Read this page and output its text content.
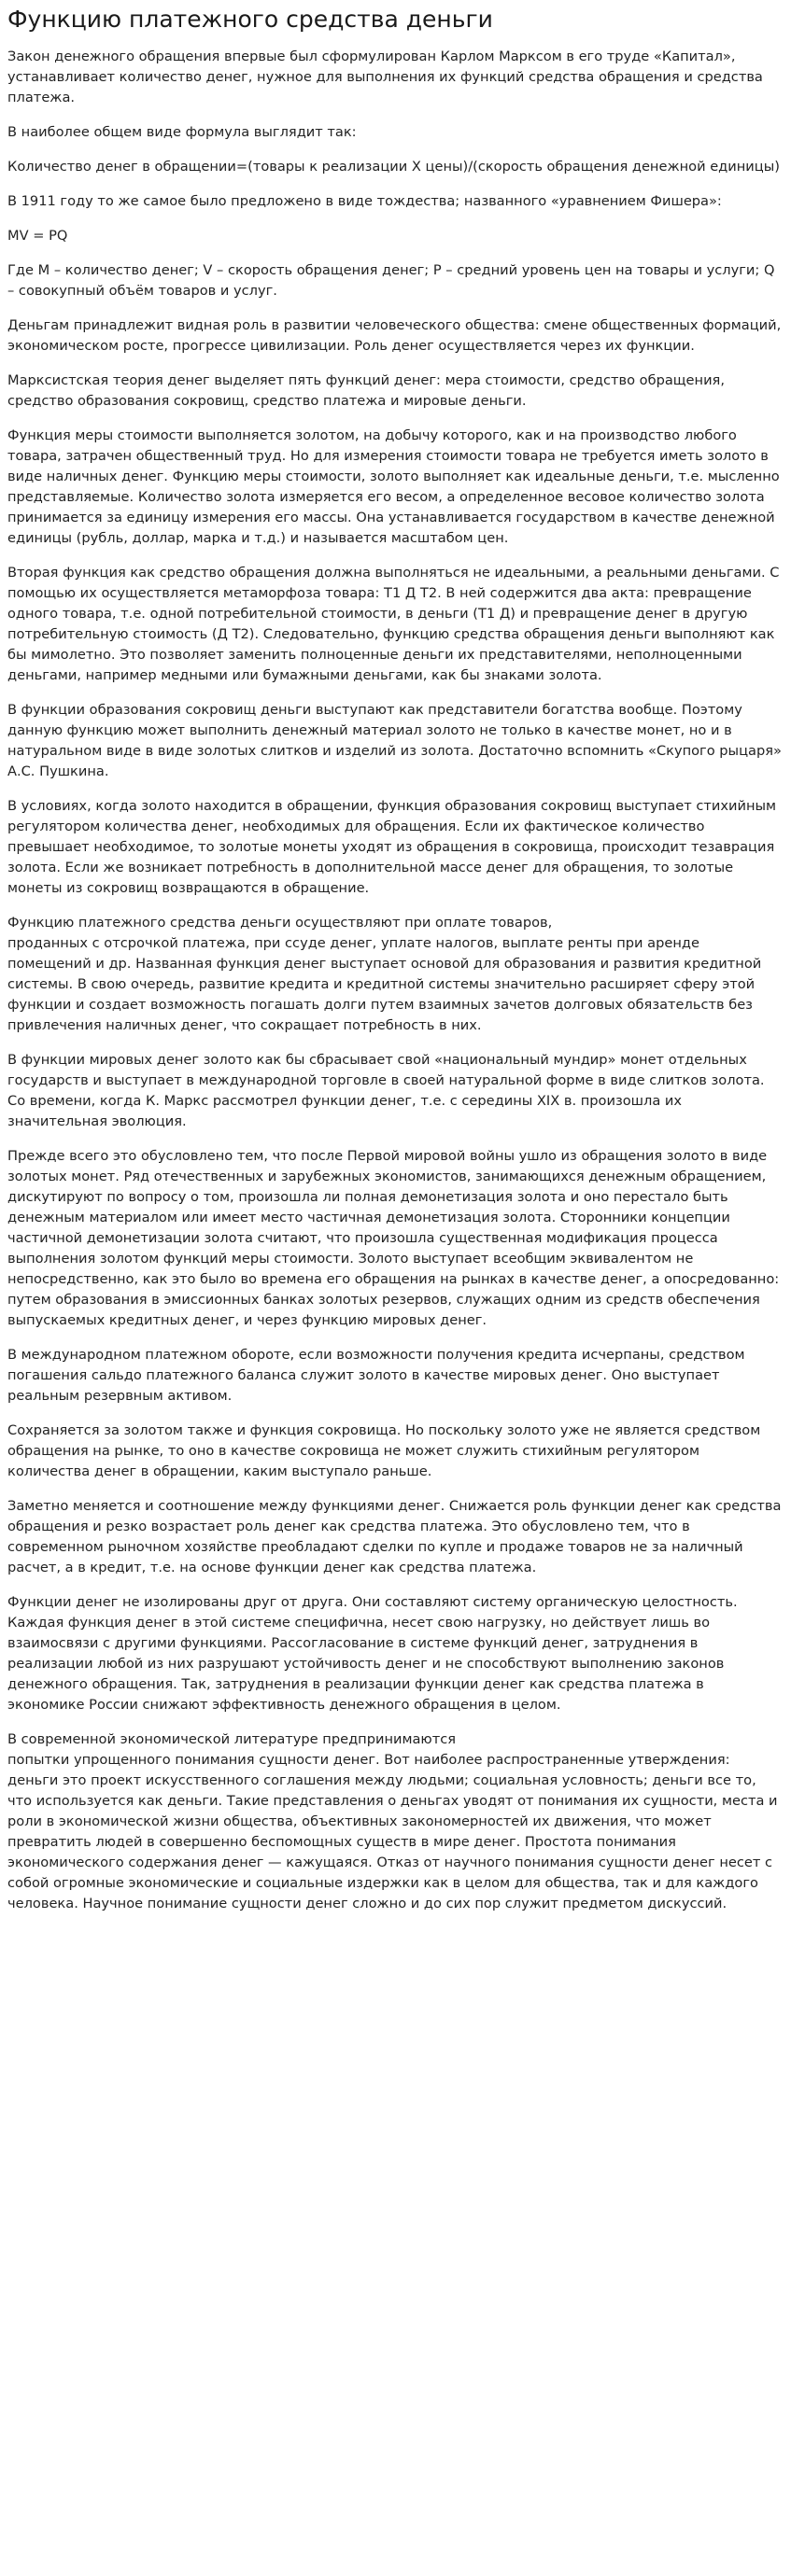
Функцию платежного средства деньги

Закон денежного обращения впервые был сформулирован Карлом Марксом в его труде «Капитал», устанавливает количество денег, нужное для выполнения их функций средства обращения и средства платежа.

В наиболее общем виде формула выглядит так:

Количество денег в обращении=(товары к реализации Х цены)/(скорость обращения денежной единицы)

В 1911 году то же самое было предложено в виде тождества; названного «уравнением Фишера»:

MV = PQ

Где M – количество денег; V – скорость обращения денег; P – средний уровень цен на товары и услуги; Q – совокупный объём товаров и услуг.

Деньгам принадлежит видная роль в развитии человеческого общества: смене общественных формаций, экономическом росте, прогрессе цивилизации. Роль денег осуществляется через их функции.

Марксистская теория денег выделяет пять функций денег: мера стоимости, средство обращения, средство образования сокровищ, средство платежа и мировые деньги.

Функция меры стоимости выполняется золотом, на добычу которого, как и на производство любого товара, затрачен общественный труд. Но для измерения стоимости товара не требуется иметь золото в виде наличных денег. Функцию меры стоимости, золото выполняет как идеальные деньги, т.е. мысленно представляемые. Количество золота измеряется его весом, а определенное весовое количество золота принимается за единицу измерения его массы. Она устанавливается государством в качестве денежной единицы (рубль, доллар, марка и т.д.) и называется масштабом цен.

Вторая функция как средство обращения должна выполняться не идеальными, а реальными деньгами. С помощью их осуществляется метаморфоза товара: Т1 Д Т2. В ней содержится два акта: превращение одного товара, т.е. одной потребительной стоимости, в деньги (Т1 Д) и превращение денег в другую потребительную стоимость (Д Т2). Следовательно, функцию средства обращения деньги выполняют как бы мимолетно. Это позволяет заменить полноценные деньги их представителями, неполноценными деньгами, например медными или бумажными деньгами, как бы знаками золота.

В функции образования сокровищ деньги выступают как представители богатства вообще. Поэтому данную функцию может выполнить денежный материал золото не только в качестве монет, но и в натуральном виде в виде золотых слитков и изделий из золота. Достаточно вспомнить «Скупого рыцаря» А.С. Пушкина.

В условиях, когда золото находится в обращении, функция образования сокровищ выступает стихийным регулятором количества денег, необходимых для обращения. Если их фактическое количество превышает необходимое, то золотые монеты уходят из обращения в сокровища, происходит тезаврация золота. Если же возникает потребность в дополнительной массе денег для обращения, то золотые монеты из сокровищ возвращаются в обращение.

Функцию платежного средства деньги осуществляют при оплате товаров,
проданных с отсрочкой платежа, при ссуде денег, уплате налогов, выплате ренты при аренде помещений и др. Названная функция денег выступает основой для образования и развития кредитной системы. В свою очередь, развитие кредита и кредитной системы значительно расширяет сферу этой функции и создает возможность погашать долги путем взаимных зачетов долговых обязательств без привлечения наличных денег, что сокращает потребность в них.

В функции мировых денег золото как бы сбрасывает свой «национальный мундир» монет отдельных государств и выступает в международной торговле в своей натуральной форме в виде слитков золота. Со времени, когда К. Маркс рассмотрел функции денег, т.е. с середины XIX в. произошла их значительная эволюция.

Прежде всего это обусловлено тем, что после Первой мировой войны ушло из обращения золото в виде золотых монет. Ряд отечественных и зарубежных экономистов, занимающихся денежным обращением, дискутируют по вопросу о том, произошла ли полная демонетизация золота и оно перестало быть денежным материалом или имеет место частичная демонетизация золота. Сторонники концепции частичной демонетизации золота считают, что произошла существенная модификация процесса выполнения золотом функций меры стоимости. Золото выступает всеобщим эквивалентом не непосредственно, как это было во времена его обращения на рынках в качестве денег, а опосредованно: путем образования в эмиссионных банках золотых резервов, служащих одним из средств обеспечения выпускаемых кредитных денег, и через функцию мировых денег.

В международном платежном обороте, если возможности получения кредита исчерпаны, средством погашения сальдо платежного баланса служит золото в качестве мировых денег. Оно выступает реальным резервным активом.

Сохраняется за золотом также и функция сокровища. Но поскольку золото уже не является средством обращения на рынке, то оно в качестве сокровища не может служить стихийным регулятором количества денег в обращении, каким выступало раньше.

Заметно меняется и соотношение между функциями денег. Снижается роль функции денег как средства обращения и резко возрастает роль денег как средства платежа. Это обусловлено тем, что в современном рыночном хозяйстве преобладают сделки по купле и продаже товаров не за наличный расчет, а в кредит, т.е. на основе функции денег как средства платежа.

Функции денег не изолированы друг от друга. Они составляют систему органическую целостность. Каждая функция денег в этой системе специфична, несет свою нагрузку, но действует лишь во взаимосвязи с другими функциями. Рассогласование в системе функций денег, затруднения в реализации любой из них разрушают устойчивость денег и не способствуют выполнению законов денежного обращения. Так, затруднения в реализации функции денег как средства платежа в экономике России снижают эффективность денежного обращения в целом.

В современной экономической литературе предпринимаются
попытки упрощенного понимания сущности денег. Вот наиболее распространенные утверждения: деньги это проект искусственного соглашения между людьми; социальная условность; деньги все то, что используется как деньги. Такие представления о деньгах уводят от понимания их сущности, места и роли в экономической жизни общества, объективных закономерностей их движения, что может превратить людей в совершенно беспомощных существ в мире денег. Простота понимания экономического содержания денег — кажущаяся. Отказ от научного понимания сущности денег несет с собой огромные экономические и социальные издержки как в целом для общества, так и для каждого человека. Научное понимание сущности денег сложно и до сих пор служит предметом дискуссий.
